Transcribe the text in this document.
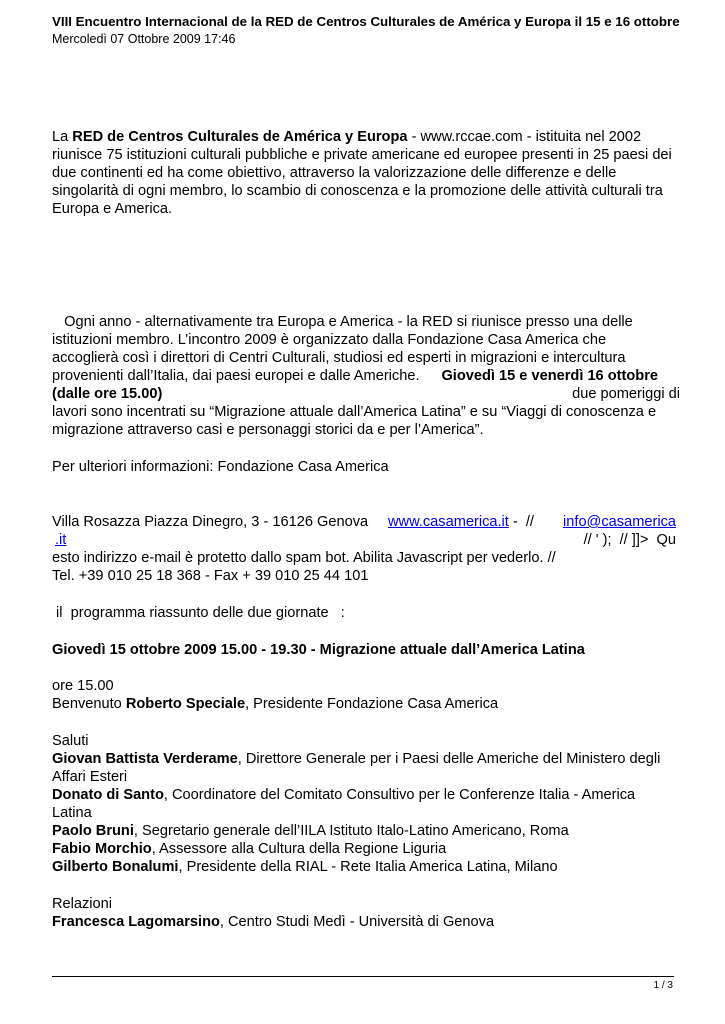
VIII Encuentro Internacional de la RED de Centros Culturales de América y Europa il 15 e 16 ottobre
Mercoledì 07 Ottobre 2009 17:46

La RED de Centros Culturales de América y Europa - www.rccae.com - istituita nel 2002

riunisce 75 istituzioni culturali pubbliche e private americane ed europee presenti in 25 paesi dei

due continenti ed ha come obiettivo, attraverso la valorizzazione delle differenze e delle

singolarità di ogni membro, lo scambio di conoscenza e la promozione delle attività culturali tra

Europa e America.

Ogni anno - alternativamente tra Europa e America - la RED si riunisce presso una delle

istituzioni membro. L’incontro 2009 è organizzato dalla Fondazione Casa America che

accoglierà così i direttori di Centri Culturali, studiosi ed esperti in migrazioni e intercultura

provenienti dall’Italia, dai paesi europei e dalle Americhe. Giovedì 15 e venerdì 16 ottobre

(dalle ore 15.00)	due pomeriggi di

lavori sono incentrati su “Migrazione attuale dall’America Latina” e su “Viaggi di conoscenza e

migrazione attraverso casi e personaggi storici da e per l’America”.

Per ulteriori informazioni: Fondazione Casa America

Villa Rosazza Piazza Dinegro, 3 - 16126 Genova www.casamerica.it -  // info@casamerica

.it	// ' );  // ]]>  Qu

esto indirizzo e-mail è protetto dallo spam bot. Abilita Javascript per vederlo. //

Tel. +39 010 25 18 368 - Fax + 39 010 25 44 101

il  programma riassunto delle due giornate   :
Giovedì 15 ottobre 2009 15.00 - 19.30 - Migrazione attuale dall’America Latina

ore 15.00

Benvenuto Roberto Speciale, Presidente Fondazione Casa America

Saluti

Giovan Battista Verderame, Direttore Generale per i Paesi delle Americhe del Ministero degli

Affari Esteri

Donato di Santo, Coordinatore del Comitato Consultivo per le Conferenze Italia - America

Latina

Paolo Bruni, Segretario generale dell’IILA Istituto Italo-Latino Americano, Roma

Fabio Morchio, Assessore alla Cultura della Regione Liguria

Gilberto Bonalumi, Presidente della RIAL - Rete Italia America Latina, Milano

Relazioni

Francesca Lagomarsino, Centro Studi Medì - Università di Genova

1 / 3
